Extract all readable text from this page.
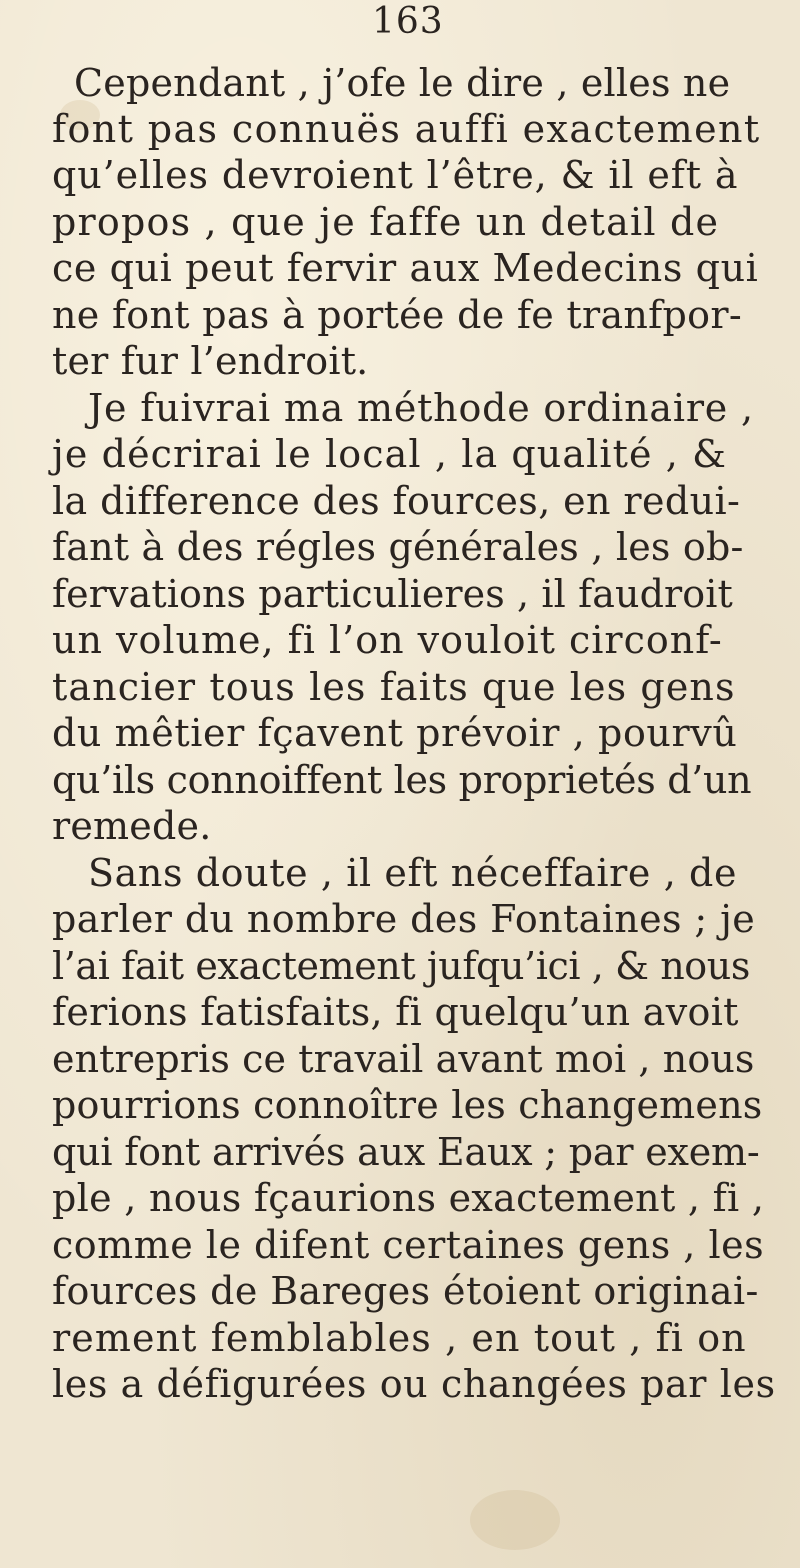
163
Cependant , j’ofe le dire , elles ne
font pas connuës auffi exactement
qu’elles devroient l’être, & il eft à
propos , que je faffe un detail de
ce qui peut fervir aux Medecins qui
ne font pas à portée de fe tranfpor-
ter fur l’endroit.
Je fuivrai ma méthode ordinaire ,
je décrirai le local , la qualité , &
la difference des fources, en redui-
fant à des régles générales , les ob-
fervations particulieres , il faudroit
un volume, fi l’on vouloit circonf-
tancier tous les faits que les gens
du mêtier fçavent prévoir , pourvû
qu’ils connoiffent les proprietés d’un
remede.
Sans doute , il eft néceffaire , de
parler du nombre des Fontaines ; je
l’ai fait exactement jufqu’ici , & nous
ferions fatisfaits, fi quelqu’un avoit
entrepris ce travail avant moi , nous
pourrions connoître les changemens
qui font arrivés aux Eaux ; par exem-
ple , nous fçaurions exactement , fi ,
comme le difent certaines gens , les
fources de Bareges étoient originai-
rement femblables , en tout , fi on
les a défigurées ou changées par les
